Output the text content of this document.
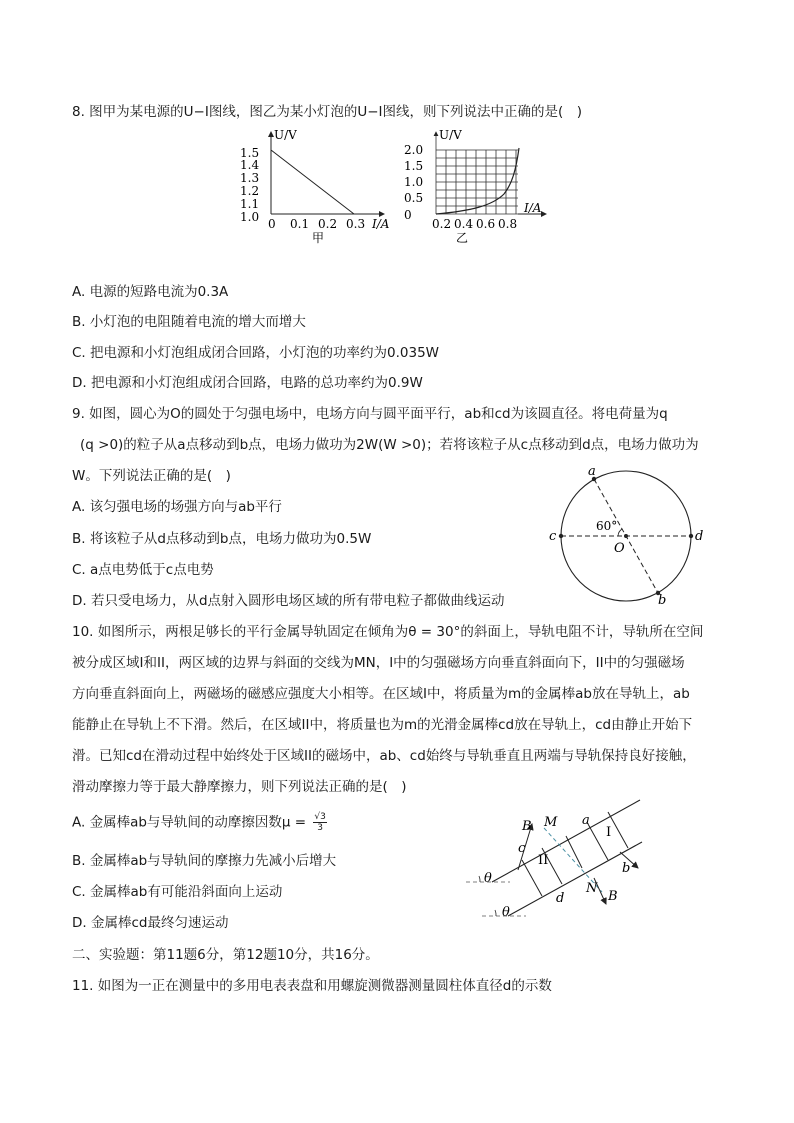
8. 图甲为某电源的U−I图线，图乙为某小灯泡的U−I图线，则下列说法中正确的是(　)
U/V
1.5
1.4
1.3
1.2
1.1
1.0 0 0.1 0.2 0.3 I/A
甲
U/V
2.0
1.5
1.0
0.5
0
0.2 0.4 0.6 0.8
I/A
乙
A. 电源的短路电流为0.3A
B. 小灯泡的电阻随着电流的增大而增大
C. 把电源和小灯泡组成闭合回路，小灯泡的功率约为0.035W
D. 把电源和小灯泡组成闭合回路，电路的总功率约为0.9W
9. 如图，圆心为O的圆处于匀强电场中，电场方向与圆平面平行，ab和cd为该圆直径。将电荷量为q
(q >0)的粒子从a点移动到b点，电场力做功为2W(W >0)；若将该粒子从c点移动到d点，电场力做功为
W。下列说法正确的是(　)
A. 该匀强电场的场强方向与ab平行
B. 将该粒子从d点移动到b点，电场力做功为0.5W
C. a点电势低于c点电势
D. 若只受电场力，从d点射入圆形电场区域的所有带电粒子都做曲线运动
a
b
c	d
O
60°
10. 如图所示，两根足够长的平行金属导轨固定在倾角为θ = 30°的斜面上，导轨电阻不计，导轨所在空间
被分成区域I和II，两区域的边界与斜面的交线为MN，I中的匀强磁场方向垂直斜面向下，II中的匀强磁场
方向垂直斜面向上，两磁场的磁感应强度大小相等。在区域I中，将质量为m的金属棒ab放在导轨上，ab
能静止在导轨上不下滑。然后，在区域II中，将质量也为m的光滑金属棒cd放在导轨上，cd由静止开始下
滑。已知cd在滑动过程中始终处于区域II的磁场中，ab、cd始终与导轨垂直且两端与导轨保持良好接触，
滑动摩擦力等于最大静摩擦力，则下列说法正确的是(　)
A. 金属棒ab与导轨间的动摩擦因数$\mu = \frac{√3}{3}$
B. 金属棒ab与导轨间的摩擦力先减小后增大
C. 金属棒ab有可能沿斜面向上运动
D. 金属棒cd最终匀速运动
B M a
I
c
II
b
θ
N
B
d
θ
二、实验题：第11题6分，第12题10分，共16分。
11. 如图为一正在测量中的多用电表表盘和用螺旋测微器测量圆柱体直径d的示数
